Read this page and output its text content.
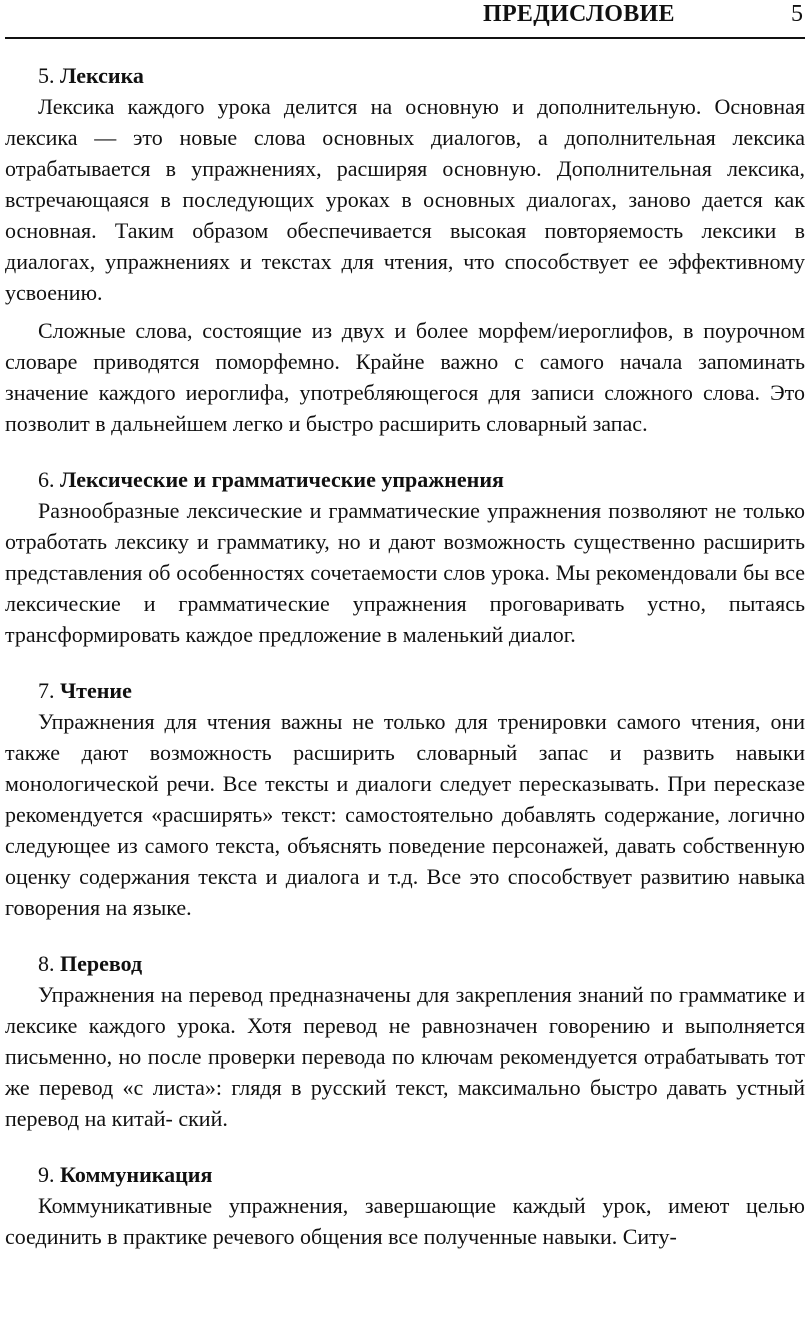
ПРЕДИСЛОВИЕ	5
5. Лексика

Лексика каждого урока делится на основную и дополнительную. Основная лексика — это новые слова основных диалогов, а дополнительная лексика отрабатывается в упражнениях, расширяя основную. Дополнительная лексика, встречающаяся в последующих уроках в основных диалогах, заново дается как основная. Таким образом обеспечивается высокая повторяемость лексики в диалогах, упражнениях и текстах для чтения, что способствует ее эффективному усвоению.

Сложные слова, состоящие из двух и более морфем/иероглифов, в поурочном словаре приводятся поморфемно. Крайне важно с самого начала запоминать значение каждого иероглифа, употребляющегося для записи сложного слова. Это позволит в дальнейшем легко и быстро расширить словарный запас.

6. Лексические и грамматические упражнения

Разнообразные лексические и грамматические упражнения позволяют не только отработать лексику и грамматику, но и дают возможность существенно расширить представления об особенностях сочетаемости слов урока. Мы рекомендовали бы все лексические и грамматические упражнения проговаривать устно, пытаясь трансформировать каждое предложение в маленький диалог.

7. Чтение

Упражнения для чтения важны не только для тренировки самого чтения, они также дают возможность расширить словарный запас и развить навыки монологической речи. Все тексты и диалоги следует пересказывать. При пересказе рекомендуется «расширять» текст: самостоятельно добавлять содержание, логично следующее из самого текста, объяснять поведение персонажей, давать собственную оценку содержания текста и диалога и т.д. Все это способствует развитию навыка говорения на языке.

8. Перевод

Упражнения на перевод предназначены для закрепления знаний по грамматике и лексике каждого урока. Хотя перевод не равнозначен говорению и выполняется письменно, но после проверки перевода по ключам рекомендуется отрабатывать тот же перевод «с листа»: глядя в русский текст, максимально быстро давать устный перевод на китай- ский.

9. Коммуникация

Коммуникативные упражнения, завершающие каждый урок, имеют целью соединить в практике речевого общения все полученные навыки. Ситу-
